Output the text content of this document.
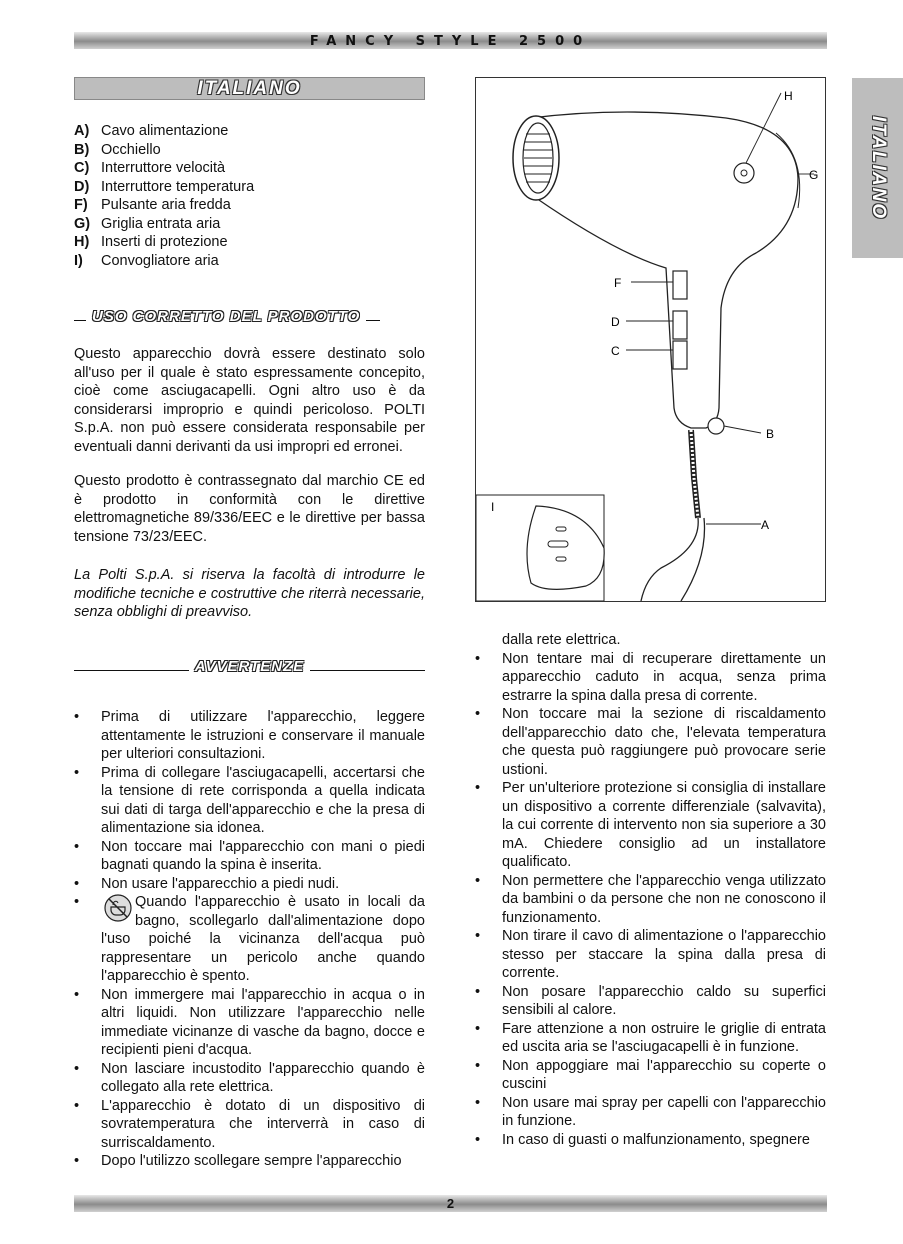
FANCY STYLE 2500
ITALIANO
ITALIANO
A) Cavo alimentazione
B) Occhiello
C) Interruttore velocità
D) Interruttore temperatura
F) Pulsante aria fredda
G) Griglia entrata aria
H) Inserti di protezione
I)	Convogliatore aria
USO CORRETTO DEL PRODOTTO

Questo apparecchio dovrà essere destinato solo all'uso per il quale è stato espressamente concepito, cioè come asciugacapelli. Ogni altro uso è da considerarsi improprio e quindi pericoloso. POLTI S.p.A. non può essere considerata responsabile per eventuali danni derivanti da usi impropri ed erronei.

Questo prodotto è contrassegnato dal marchio CE ed è prodotto in conformità con le direttive elettromagnetiche 89/336/EEC e le direttive per bassa tensione 73/23/EEC.

La Polti S.p.A. si riserva la facoltà di introdurre le modifiche tecniche e costruttive che riterrà necessarie, senza obblighi di preavviso.

AVVERTENZE
• Prima di utilizzare l'apparecchio, leggere attentamente le istruzioni e conservare il manuale per ulteriori consultazioni.
• Prima di collegare l'asciugacapelli, accertarsi che la tensione di rete corrisponda a quella indicata sui dati di targa dell'apparecchio e che la presa di alimentazione sia idonea.
• Non toccare mai l'apparecchio con mani o piedi bagnati quando la spina è inserita.
• Non usare l'apparecchio a piedi nudi.
•	Quando l'apparecchio è usato in locali da bagno, scollegarlo dall'alimentazione dopo l'uso poiché la vicinanza dell'acqua può rappresentare un pericolo anche quando l'apparecchio è spento.
• Non immergere mai l'apparecchio in acqua o in altri liquidi. Non utilizzare l'apparecchio nelle immediate vicinanze di vasche da bagno, docce e recipienti pieni d'acqua.
• Non lasciare incustodito l'apparecchio quando è collegato alla rete elettrica.
• L'apparecchio è dotato di un dispositivo di sovratemperatura che interverrà in caso di surriscaldamento.
• Dopo l'utilizzo scollegare sempre l'apparecchio
H
G
F
D
C
B
A
I
dalla rete elettrica.
• Non tentare mai di recuperare direttamente un apparecchio caduto in acqua, senza prima estrarre la spina dalla presa di corrente.
• Non toccare mai la sezione di riscaldamento dell'apparecchio dato che, l'elevata temperatura che questa può raggiungere può provocare serie ustioni.
• Per un'ulteriore protezione si consiglia di installare un dispositivo a corrente differenziale (salvavita), la cui corrente di intervento non sia superiore a 30 mA. Chiedere consiglio ad un installatore qualificato.
• Non permettere che l'apparecchio venga utilizzato da bambini o da persone che non ne conoscono il funzionamento.
• Non tirare il cavo di alimentazione o l'apparecchio stesso per staccare la spina dalla presa di corrente.
• Non posare l'apparecchio caldo su superfici sensibili al calore.
• Fare attenzione a non ostruire le griglie di entrata ed uscita aria se l'asciugacapelli è in funzione.
• Non appoggiare mai l'apparecchio su coperte o cuscini
• Non usare mai spray per capelli con l'apparecchio in funzione.
• In caso di guasti o malfunzionamento, spegnere
2
